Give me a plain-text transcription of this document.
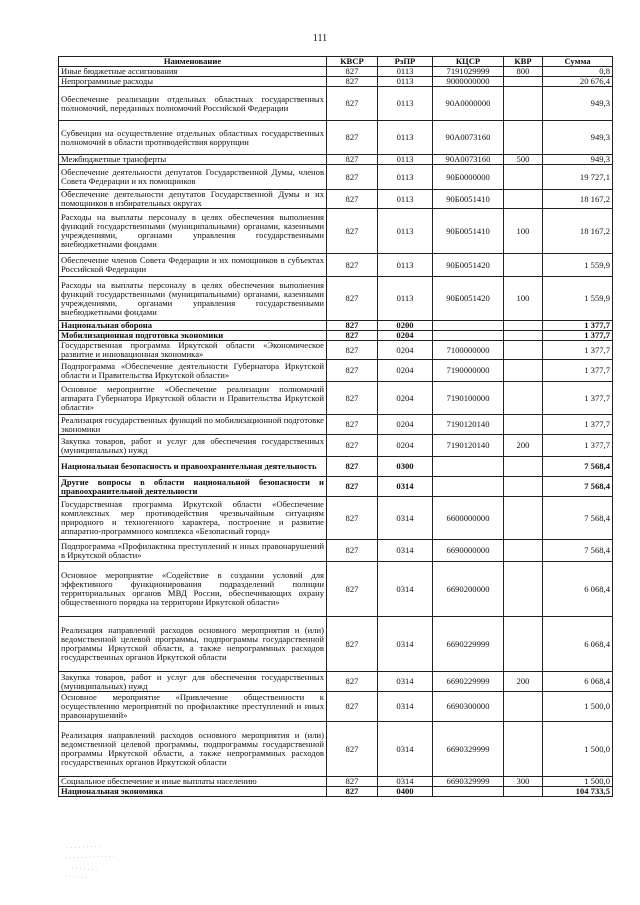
111
Наименование	КВСР	РзПР	КЦСР	КВР	Сумма
Иные бюджетные ассигнования	827	0113	7191029999	800	0,8
Непрограммные расходы	827	0113	9000000000		20 676,4
Обеспечение реализации отдельных областных государственных полномочий, переданных полномочий Российской Федерации	827	0113	90А0000000		949,3
Субвенции на осуществление отдельных областных государственных полномочий в области противодействия коррупции	827	0113	90А0073160		949,3
Межбюджетные трансферты	827	0113	90А0073160	500	949,3
Обеспечение деятельности депутатов Государственной Думы, членов Совета Федерации и их помощников	827	0113	90Б0000000		19 727,1
Обеспечение деятельности депутатов Государственной Думы и их помощников в избирательных округах	827	0113	90Б0051410		18 167,2
Расходы на выплаты персоналу в целях обеспечения выполнения функций государственными (муниципальными) органами, казенными учреждениями, органами управления государственными внебюджетными фондами	827	0113	90Б0051410	100	18 167,2
Обеспечение членов Совета Федерации и их помощников в субъектах Российской Федерации	827	0113	90Б0051420		1 559,9
Расходы на выплаты персоналу в целях обеспечения выполнения функций государственными (муниципальными) органами, казенными учреждениями, органами управления государственными внебюджетными фондами	827	0113	90Б0051420	100	1 559,9
Национальная оборона	827	0200			1 377,7
Мобилизационная подготовка экономики	827	0204			1 377,7
Государственная программа Иркутской области «Экономическое развитие и инновационная экономика»	827	0204	7100000000		1 377,7
Подпрограмма «Обеспечение деятельности Губернатора Иркутской области и Правительства Иркутской области»	827	0204	7190000000		1 377,7
Основное мероприятие «Обеспечение реализации полномочий аппарата Губернатора Иркутской области и Правительства Иркутской области»	827	0204	7190100000		1 377,7
Реализация государственных функций по мобилизационной подготовке экономики	827	0204	7190120140		1 377,7
Закупка товаров, работ и услуг для обеспечения государственных (муниципальных) нужд	827	0204	7190120140	200	1 377,7
Национальная безопасность и правоохранительная деятельность	827	0300			7 568,4
Другие вопросы в области национальной безопасности и правоохранительной деятельности	827	0314			7 568,4
Государственная программа Иркутской области «Обеспечение комплексных мер противодействия чрезвычайным ситуациям природного и техногенного характера, построение и развитие аппаратно-программного комплекса «Безопасный город»	827	0314	6600000000		7 568,4
Подпрограмма «Профилактика преступлений и иных правонарушений в Иркутской области»	827	0314	6690000000		7 568,4
Основное мероприятие «Содействие в создании условий для эффективного функционирования подразделений полиции территориальных органов МВД России, обеспечивающих охрану общественного порядка на территории Иркутской области»	827	0314	6690200000		6 068,4
Реализация направлений расходов основного мероприятия и (или) ведомственной целевой программы, подпрограммы государственной программы Иркутской области, а также непрограммных расходов государственных органов Иркутской области	827	0314	6690229999		6 068,4
Закупка товаров, работ и услуг для обеспечения государственных (муниципальных) нужд	827	0314	6690229999	200	6 068,4
Основное мероприятие «Привлечение общественности к осуществлению мероприятий по профилактике преступлений и иных правонарушений»	827	0314	6690300000		1 500,0
Реализация направлений расходов основного мероприятия и (или) ведомственной целевой программы, подпрограммы государственной программы Иркутской области, а также непрограммных расходов государственных органов Иркутской области	827	0314	6690329999		1 500,0
Социальное обеспечение и иные выплаты населению	827	0314	6690329999	300	1 500,0
Национальная экономика	827	0400			104 733,5
